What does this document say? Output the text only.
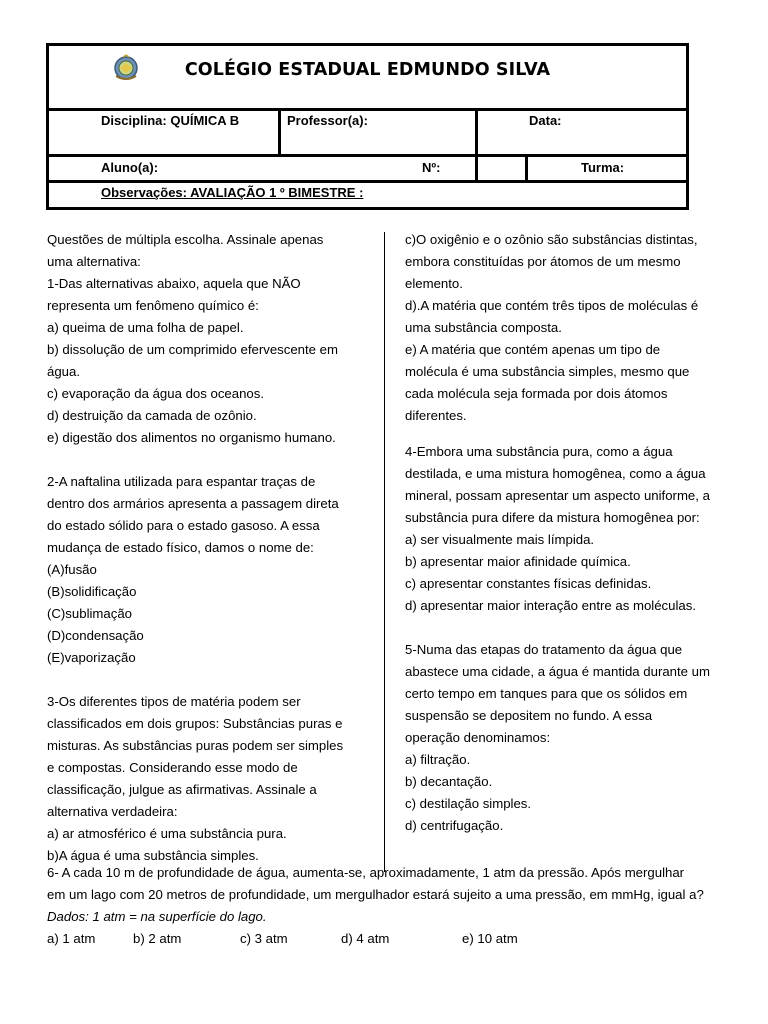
COLÉGIO ESTADUAL EDMUNDO SILVA
Disciplina: QUÍMICA B	Professor(a):	Data:
Aluno(a):	Nº:	Turma:
Observações: AVALIAÇÃO 1 º BIMESTRE :

Questões de múltipla escolha. Assinale apenas

uma alternativa:

1-Das alternativas abaixo, aquela que NÃO

representa um fenômeno químico é:

a) queima de uma folha de papel.

b) dissolução de um comprimido efervescente em

água.

c) evaporação da água dos oceanos.

d) destruição da camada de ozônio.

e) digestão dos alimentos no organismo humano.

2-A naftalina utilizada para espantar traças de

dentro dos armários apresenta a passagem direta

do estado sólido para o estado gasoso. A essa

mudança de estado físico, damos o nome de:

(A)fusão

(B)solidificação

(C)sublimação

(D)condensação

(E)vaporização

3-Os diferentes tipos de matéria podem ser

classificados em dois grupos: Substâncias puras e

misturas. As substâncias puras podem ser simples

e compostas. Considerando esse modo de

classificação, julgue as afirmativas. Assinale a

alternativa verdadeira:

a) ar atmosférico é uma substância pura.

b)A água é uma substância simples.

c)O oxigênio e o ozônio são substâncias distintas,

embora constituídas por átomos de um mesmo

elemento.

d).A matéria que contém três tipos de moléculas é

uma substância composta.

e) A matéria que contém apenas um tipo de

molécula é uma substância simples, mesmo que

cada molécula seja formada por dois átomos

diferentes.

4-Embora uma substância pura, como a água

destilada, e uma mistura homogênea, como a água

mineral, possam apresentar um aspecto uniforme, a

substância pura difere da mistura homogênea por:

a) ser visualmente mais límpida.

b) apresentar maior afinidade química.

c) apresentar constantes físicas definidas.

d) apresentar maior interação entre as moléculas.

5-Numa das etapas do tratamento da água que

abastece uma cidade, a água é mantida durante um

certo tempo em tanques para que os sólidos em

suspensão se depositem no fundo. A essa

operação denominamos:

a) filtração.

b) decantação.

c) destilação simples.

d) centrifugação.

6- A cada 10 m de profundidade de água, aumenta-se, aproximadamente, 1 atm da pressão. Após mergulhar

em um lago com 20 metros de profundidade, um mergulhador estará sujeito a uma pressão, em mmHg, igual a?

Dados: 1 atm = na superfície do lago.

a) 1 atm	b) 2 atm	c) 3 atm	d) 4 atm	e) 10 atm
